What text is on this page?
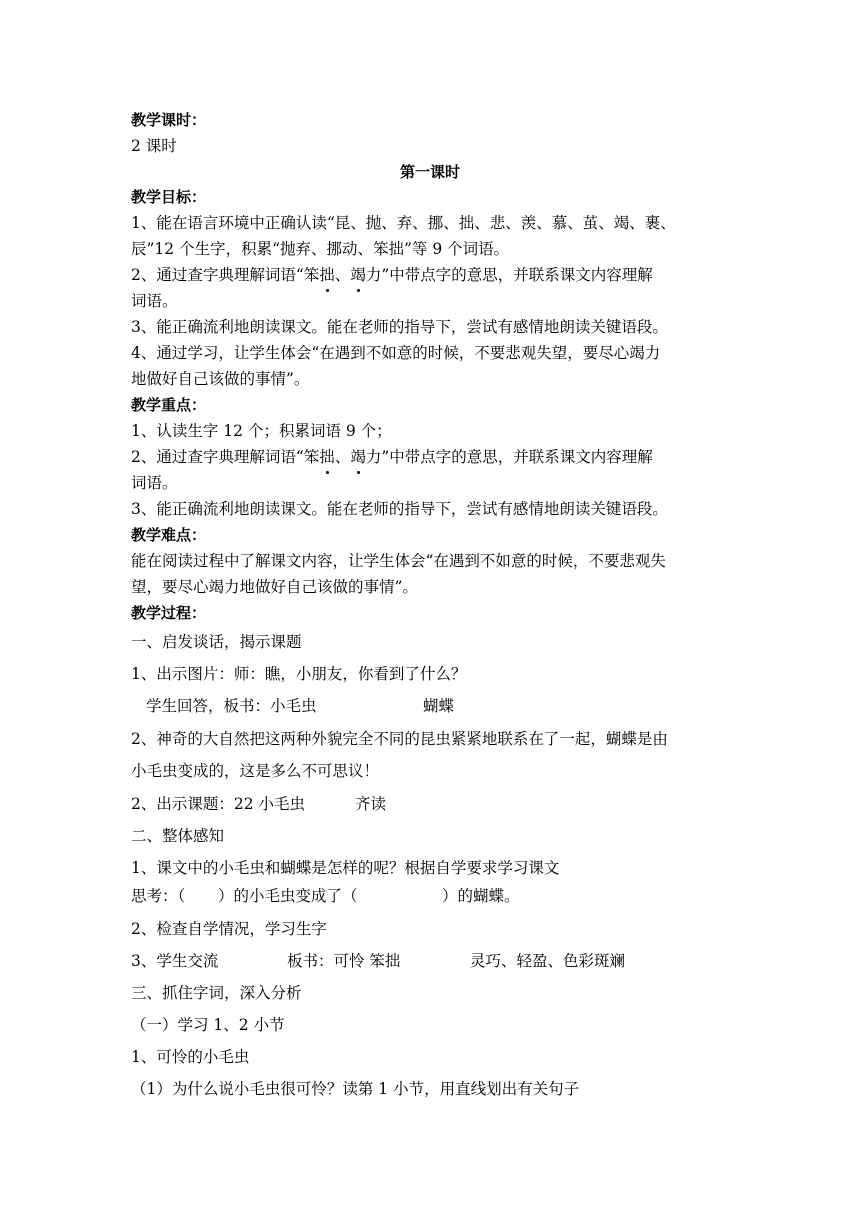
教学课时：
2 课时
第一课时
教学目标：
1、能在语言环境中正确认读“昆、抛、弃、挪、拙、悲、羡、慕、茧、竭、裹、
辰”12 个生字，积累“抛弃、挪动、笨拙”等 9 个词语。
2、通过查字典理解词语“笨拙、竭力”中带点字的意思，并联系课文内容理解
词语。
3、能正确流利地朗读课文。能在老师的指导下，尝试有感情地朗读关键语段。
4、通过学习，让学生体会“在遇到不如意的时候，不要悲观失望，要尽心竭力
地做好自己该做的事情”。
教学重点：
1、认读生字 12 个；积累词语 9 个；
2、通过查字典理解词语“笨拙、竭力”中带点字的意思，并联系课文内容理解
词语。
3、能正确流利地朗读课文。能在老师的指导下，尝试有感情地朗读关键语段。
教学难点：
能在阅读过程中了解课文内容，让学生体会“在遇到不如意的时候，不要悲观失
望，要尽心竭力地做好自己该做的事情”。
教学过程：
一、启发谈话，揭示课题
1、出示图片：师：瞧，小朋友，你看到了什么？
学生回答，板书：小毛虫	蝴蝶
2、神奇的大自然把这两种外貌完全不同的昆虫紧紧地联系在了一起，蝴蝶是由
小毛虫变成的，这是多么不可思议！
2、出示课题：22 小毛虫	齐读
二、整体感知
1、课文中的小毛虫和蝴蝶是怎样的呢？根据自学要求学习课文
思考：（ ）的小毛虫变成了（	）的蝴蝶。
2、检查自学情况，学习生字
3、学生交流	板书：可怜 笨拙	灵巧、轻盈、色彩斑斓
三、抓住字词，深入分析
（一）学习 1、2 小节
1、可怜的小毛虫
（1）为什么说小毛虫很可怜？读第 1 小节，用直线划出有关句子
